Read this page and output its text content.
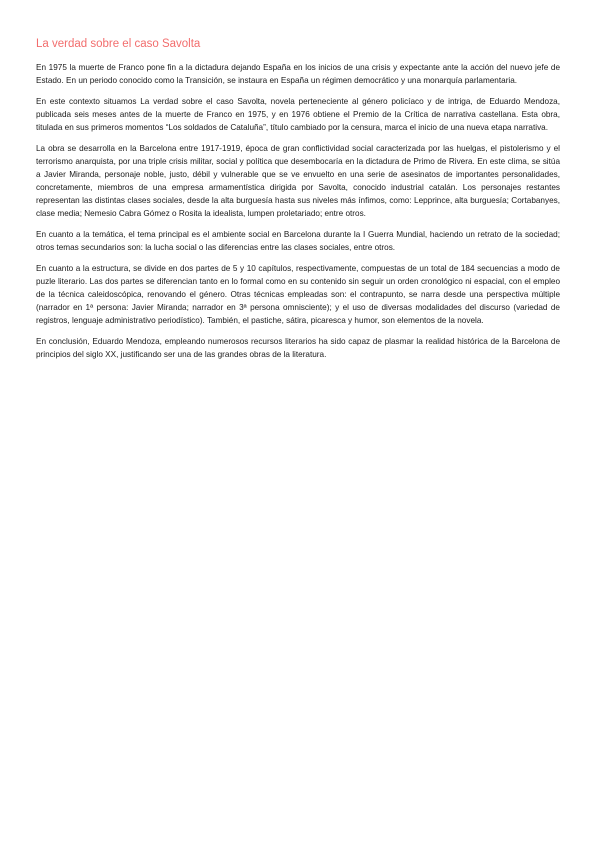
La verdad sobre el caso Savolta

En 1975 la muerte de Franco pone fin a la dictadura dejando España en los inicios de una crisis y expectante ante la acción del nuevo jefe de Estado. En un periodo conocido como la Transición, se instaura en España un régimen democrático y una monarquía parlamentaria.

En este contexto situamos La verdad sobre el caso Savolta, novela perteneciente al género policíaco y de intriga, de Eduardo Mendoza, publicada seis meses antes de la muerte de Franco en 1975, y en 1976 obtiene el Premio de la Crítica de narrativa castellana. Esta obra, titulada en sus primeros momentos “Los soldados de Cataluña”, título cambiado por la censura, marca el inicio de una nueva etapa narrativa.

La obra se desarrolla en la Barcelona entre 1917-1919, época de gran conflictividad social caracterizada por las huelgas, el pistolerismo y el terrorismo anarquista, por una triple crisis militar, social y política que desembocaría en la dictadura de Primo de Rivera. En este clima, se sitúa a Javier Miranda, personaje noble, justo, débil y vulnerable que se ve envuelto en una serie de asesinatos de importantes personalidades, concretamente, miembros de una empresa armamentística dirigida por Savolta, conocido industrial catalán. Los personajes restantes representan las distintas clases sociales, desde la alta burguesía hasta sus niveles más ínfimos, como: Lepprince, alta burguesía; Cortabanyes, clase media; Nemesio Cabra Gómez o Rosita la idealista, lumpen proletariado; entre otros.

En cuanto a la temática, el tema principal es el ambiente social en Barcelona durante la I Guerra Mundial, haciendo un retrato de la sociedad; otros temas secundarios son: la lucha social o las diferencias entre las clases sociales, entre otros.

En cuanto a la estructura, se divide en dos partes de 5 y 10 capítulos, respectivamente, compuestas de un total de 184 secuencias a modo de puzle literario. Las dos partes se diferencian tanto en lo formal como en su contenido sin seguir un orden cronológico ni espacial, con el empleo de la técnica caleidoscópica, renovando el género. Otras técnicas empleadas son: el contrapunto, se narra desde una perspectiva múltiple (narrador en 1ª persona: Javier Miranda; narrador en 3ª persona omnisciente); y el uso de diversas modalidades del discurso (variedad de registros, lenguaje administrativo periodístico). También, el pastiche, sátira, picaresca y humor, son elementos de la novela.

En conclusión, Eduardo Mendoza, empleando numerosos recursos literarios ha sido capaz de plasmar la realidad histórica de la Barcelona de principios del siglo XX, justificando ser una de las grandes obras de la literatura.
